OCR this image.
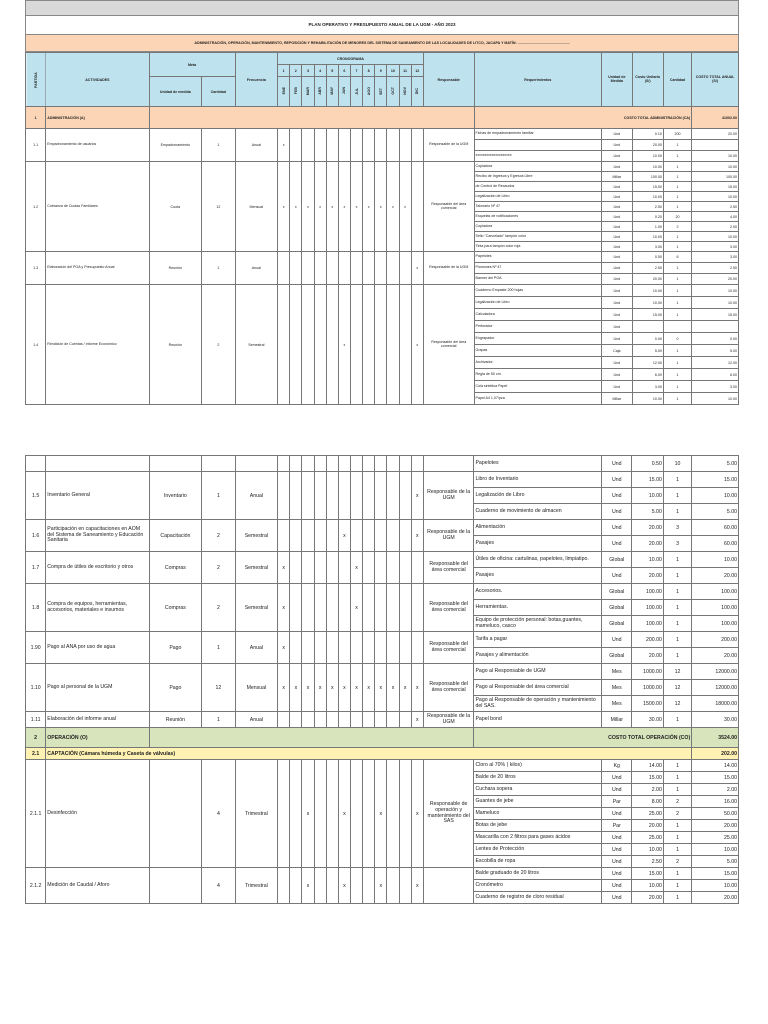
PLAN OPERATIVO Y PRESUPUESTO ANUAL DE LA UGM - AÑO 2023
ADMINISTRACIÓN, OPERACIÓN, MANTENIMIENTO, REPOSICIÓN Y REHABILITACIÓN DE MENORES DEL SISTEMA DE SANEAMIENTO DE LAS LOCALIDADES DE LITCO, JACAPA Y MATÍN: ....................................................
PARTIDA	ACTIVIDADES	Meta		Frecuencia	CRONOGRAMA												Responsable	Requerimientos	Unidad de Medida	Costo Unitario (S/)	Cantidad	COSTO TOTAL ANUAL (S/)
					1	2	3	4	5	6	7	8	9	10	11	12						
		Unidad de medida	Cantidad		ENE	FEB	MAR	ABR	MAY	JUN	JUL	AGO	SET	OCT	NOV	DIC						
1	ADMINISTRACIÓN (A)																	COSTO TOTAL ADMINISTRACIÓN (CA)				41002.00
1.1	Empadronamiento de usuarios	Empadronamiento	1	Anual	x												Responsable de la UGM	Fichas de empadronamiento familiar	Und	0.10	200	20.00
																			Und	20.00	1	
																		xxxxxxxxxxxxxxxxxxxx	Und	10.00	1	10.00
1.2	Cobranza de Cuotas Familiares	Cuota	12	Mensual	x	x	x	x	x	x	x	x	x	x	x		Responsable del área comercial	Copiadora	Und	10.00	1	10.00
																		Recibo de Ingresos y Egresos Libre	Millar	100.00	1	100.00
																		de Control de Recaudos	Und	15.00	1	15.00
																		Legalización de Libro	Und	10.00	1	10.00
																		Talonario Nº 47	Und	2.50	1	2.50
																		Esquelas de notificaciones	Und	0.20	20	4.00
																		Copiadora	Und	1.00	2	2.00
																		Sello "Cancelado" tampón color	Und	10.00	1	10.00
																		Tinta para tampón color roja	Und	3.00	1	3.00
1.3	Elaboración del POA y Presupuesto Anual	Reunión	1	Anual												x	Responsable de la UGM	Papelotes	Und	0.50	6	3.00
																		Plumones Nº 47	Und	2.50	1	2.50
																		Banner del POA	Und	20.00	1	20.00
1.4	Rendición de Cuentas / Informe Económico	Reunión	2	Semestral						x						x	Responsable del área comercial	Cuaderno Empaste 200 hojas	Und	10.00	1	10.00
																		Legalización de Libro	Und	10.00	1	10.00
																		Calculadora	Und	15.00	1	15.00
																		Perforador	Und			
																		Engrapador	Und	0.00	0	0.00
																		Grapas	Caja	5.00	1	5.00
																		Archivador	Und	12.00	1	12.00
																		Regla de 50 cm.	Und	6.00	1	6.00
																		Cola sintética Papel	Und	3.00	1	3.00
																		Papel A4 1,07/pza	Millar	10.00	1	10.00
																		Papelotes	Und	0.50	10	5.00
1.5	Inventario General	Inventario	1	Anual												x	Responsable de la UGM	Libro de Inventario	Und	15.00	1	15.00
																		Legalización de Libro	Und	10.00	1	10.00
																		Cuaderno de movimiento de almacen	Und	5.00	1	5.00
1.6	Participación en capacitaciones en AOM del Sistema de Saneamiento y Educación Sanitaria	Capacitación	2	Semestral						x						x	Responsable de la UGM	Alimentación	Und	20.00	3	60.00
																		Pasajes	Und	20.00	3	60.00
1.7	Compra de útiles de escritorio y otros	Compras	2	Semestral	x						x						Responsable del área comercial	Útiles de oficina: cartulinas, papelotes, limpiatipo.	Global	10.00	1	10.00
																		Pasajes	Und	20.00	1	20.00
1.8	Compra de equipos, herramientas, accesorios, materiales e insumos	Compras	2	Semestral	x						x						Responsable del área comercial	Accesorios.	Global	100.00	1	100.00
																		Herramientas.	Global	100.00	1	100.00
																		Equipo de protección personal: botas,guantes, mameluco, casco	Global	100.00	1	100.00
1.90	Pago al ANA por uso de agua	Pago	1	Anual	x												Responsable del área comercial	Tarifa a pagar	Und	200.00	1	200.00
																		Pasajes y alimentación	Global	20.00	1	20.00
1.10	Pago al personal de la UGM	Pago	12	Mensual	x	x	x	x	x	x	x	x	x	x	x	x	Responsable del área comercial	Pago al Responsable de UGM	Mes	1000.00	12	12000.00
																		Pago al Responsable del área comercial	Mes	1000.00	12	12000.00
																		Pago al Responsable de operación y mantenimiento del SAS.	Mes	1500.00	12	18000.00
1.11	Elaboración del informe anual	Reunión	1	Anual												x	Responsable de la UGM	Papel bond	Millar	30.00	1	30.00
2	OPERACIÓN (O)																	COSTO TOTAL OPERACIÓN (CO)				3524.00
2.1	CAPTACIÓN (Cámara húmeda y Caseta de válvulas)																					202.00
2.1.1	Desinfección		4	Trimestral			x			x			x			x	Responsable de operación y mantenimiento del SAS	Cloro al 70% ( kilos)	Kg	14.00	1	14.00
																		Balde de 20 litros	Und	15.00	1	15.00
																		Cuchara sopera	Und	2.00	1	2.00
																		Guantes de jebe	Par	8.00	2	16.00
																		Mameluco	Und	25.00	2	50.00
																		Botas de jebe	Par	20.00	1	20.00
																		Mascarilla con 2 filtros para gases ácidos	Und	25.00	1	25.00
																		Lentes de Protección	Und	10.00	1	10.00
																		Escobilla de ropa	Und	2.50	2	5.00
2.1.2	Medición de Caudal / Aforo		4	Trimestral			x			x			x			x		Balde graduado de 20 litros	Und	15.00	1	15.00
																		Cronómetro	Und	10.00	1	10.00
																		Cuaderno de registro de cloro residual	Und	20.00	1	20.00
